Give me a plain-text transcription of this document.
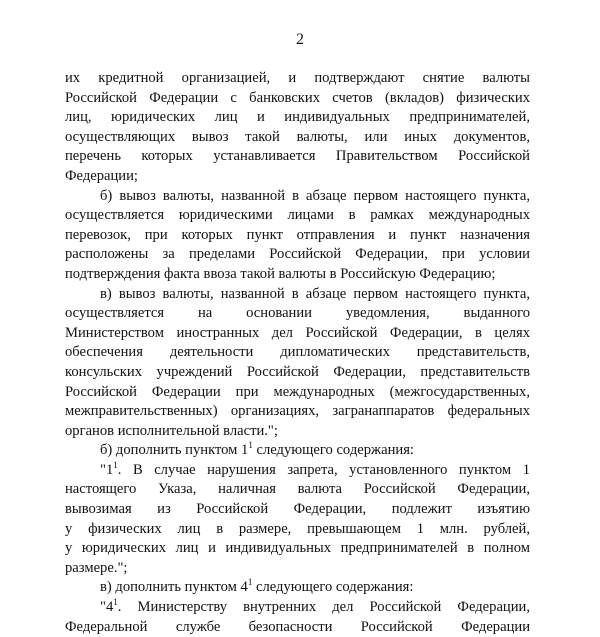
2
их кредитной организацией, и подтверждают снятие валюты
Российской Федерации с банковских счетов (вкладов) физических
лиц, юридических лиц и индивидуальных предпринимателей,
осуществляющих вывоз такой валюты, или иных документов,
перечень которых устанавливается Правительством Российской
Федерации;
б) вывоз валюты, названной в абзаце первом настоящего пункта,
осуществляется юридическими лицами в рамках международных
перевозок, при которых пункт отправления и пункт назначения
расположены за пределами Российской Федерации, при условии
подтверждения факта ввоза такой валюты в Российскую Федерацию;
в) вывоз валюты, названной в абзаце первом настоящего пункта,
осуществляется на основании уведомления, выданного
Министерством иностранных дел Российской Федерации, в целях
обеспечения деятельности дипломатических представительств,
консульских учреждений Российской Федерации, представительств
Российской Федерации при международных (межгосударственных,
межправительственных) организациях, загранаппаратов федеральных
органов исполнительной власти.";
б) дополнить пунктом $1^1$ следующего содержания:
"$1^1$. В случае нарушения запрета, установленного пунктом 1
настоящего Указа, наличная валюта Российской Федерации,
вывозимая из Российской Федерации, подлежит изъятию
у физических лиц в размере, превышающем 1 млн. рублей,
у юридических лиц и индивидуальных предпринимателей в полном
размере.";
в) дополнить пунктом $4^1$ следующего содержания:
"$4^1$. Министерству внутренних дел Российской Федерации,
Федеральной службе безопасности Российской Федерации
